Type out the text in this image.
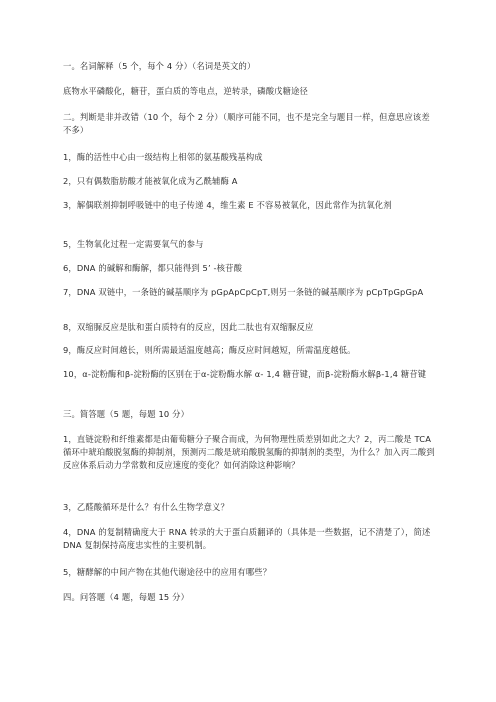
一。名词解释（5 个，每个 4 分）（名词是英文的）

底物水平磷酸化，糖苷，蛋白质的等电点，逆转录，磷酸戊糖途径

二。判断是非并改错（10 个，每个 2 分）（顺序可能不同，也不是完全与题目一样，但意思应该差不多）

1，酶的活性中心由一级结构上相邻的氨基酸残基构成

2，只有偶数脂肪酸才能被氧化成为乙酰辅酶 A

3，解偶联剂抑制呼吸链中的电子传递 4，维生素 E 不容易被氧化，因此常作为抗氧化剂

5，生物氧化过程一定需要氧气的参与

6，DNA 的碱解和酶解，都只能得到 5’ -核苷酸

7，DNA 双链中，一条链的碱基顺序为 pGpApCpCpT,则另一条链的碱基顺序为 pCpTpGpGpA

8，双缩脲反应是肽和蛋白质特有的反应，因此二肽也有双缩脲反应

9，酶反应时间越长，则所需最适温度越高；酶反应时间越短，所需温度越低。

10，α-淀粉酶和β-淀粉酶的区别在于α-淀粉酶水解 α- 1,4 糖苷键，而β-淀粉酶水解β-1,4 糖苷键

三。简答题（5 题，每题 10 分）

1，直链淀粉和纤维素都是由葡萄糖分子聚合而成，为何物理性质差别如此之大？2，丙二酸是 TCA 循环中琥珀酸脱氢酶的抑制剂，预测丙二酸是琥珀酸脱氢酶的抑制剂的类型，为什么？加入丙二酸到反应体系后动力学常数和反应速度的变化？如何消除这种影响？

3，乙醛酸循环是什么？有什么生物学意义？

4，DNA 的复制精确度大于 RNA 转录的大于蛋白质翻译的（具体是一些数据，记不清楚了），简述 DNA 复制保持高度忠实性的主要机制。

5，糖酵解的中间产物在其他代谢途径中的应用有哪些？

四。问答题（4 题，每题 15 分）
